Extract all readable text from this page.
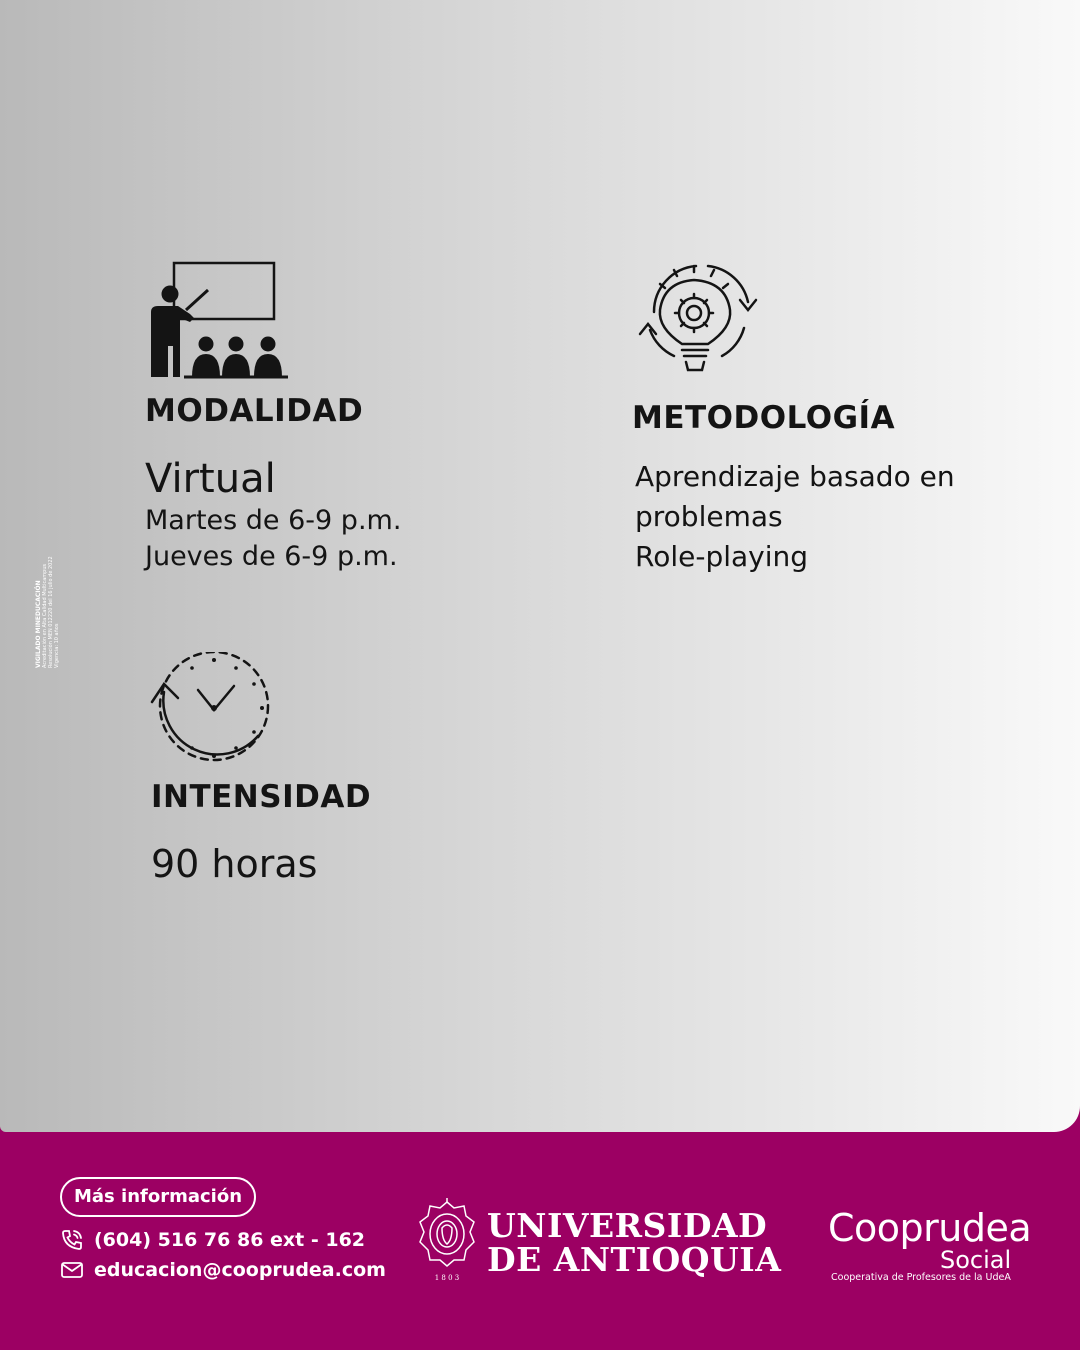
VIGILADO MINEDUCACIÓN Acreditación en Alta Calidad Multicampus Resolución MEN 012220 del 16 julio de 2022 Vigencia: 10 años
MODALIDAD
Virtual
Martes de 6-9 p.m.
Jueves de 6-9 p.m.
METODOLOGÍA
Aprendizaje basado en
problemas
Role-playing
INTENSIDAD
90 horas
Más información
(604) 516 76 86 ext - 162
educacion@cooprudea.com	1 8 0 3
UNIVERSIDAD
DE ANTIOQUIA
Cooprudea
Social
Cooperativa de Profesores de la UdeA
